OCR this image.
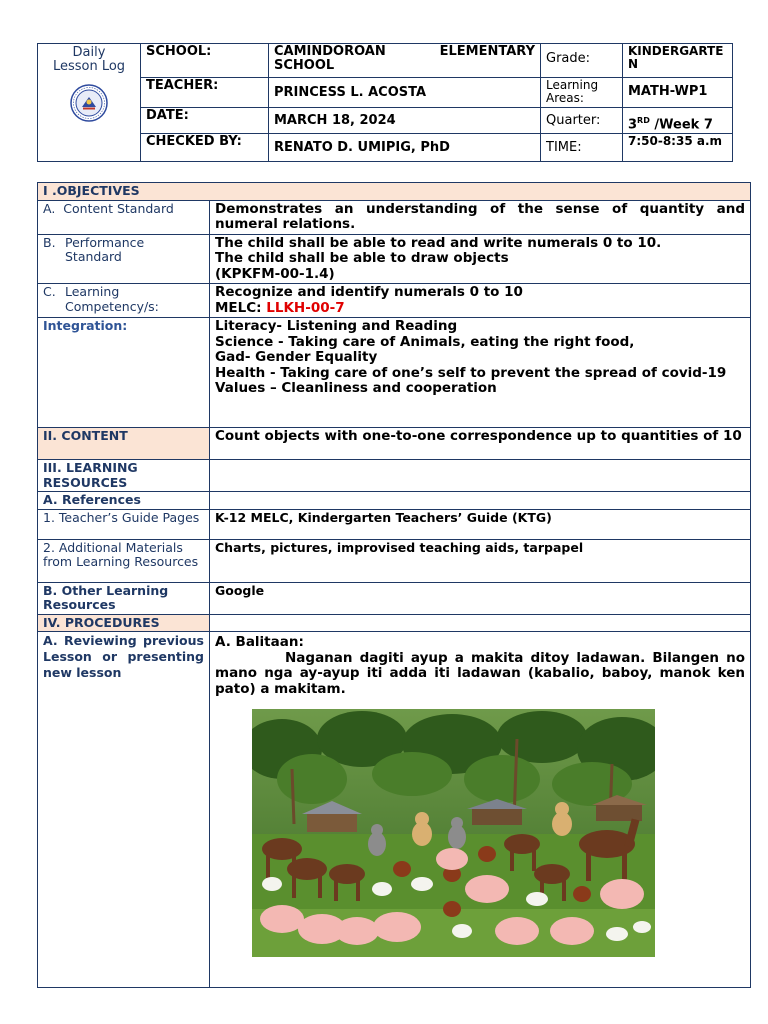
Daily
Lesson Log	SCHOOL:	CAMINDOROAN ELEMENTARY SCHOOL	Grade:	KINDERGARTEN
	TEACHER:	PRINCESS L. ACOSTA	Learning Areas:	MATH-WP1
	DATE:	MARCH 18, 2024	Quarter:	3RD /Week 7
	CHECKED BY:	RENATO D. UMIPIG, PhD	TIME:	7:50-8:35 a.m
I .OBJECTIVES	
A. Content Standard	Demonstrates an understanding of the sense of quantity and numeral relations.
B. Performance Standard	The child shall be able to read and write numerals 0 to 10.
The child shall be able to draw objects
(KPKFM-00-1.4)
C. Learning Competency/s:	Recognize and identify numerals 0 to 10
MELC: LLKH-00-7
Integration:	Literacy- Listening and Reading
Science - Taking care of Animals, eating the right food,
Gad- Gender Equality
Health - Taking care of one’s self to prevent the spread of covid-19
Values – Cleanliness and cooperation
II. CONTENT	Count objects with one-to-one correspondence up to quantities of 10
III. LEARNING RESOURCES	
A. References	
1. Teacher’s Guide Pages	K-12 MELC, Kindergarten Teachers’ Guide (KTG)
2. Additional Materials from Learning Resources	Charts, pictures, improvised teaching aids, tarpapel
B. Other Learning Resources	Google
IV. PROCEDURES	
A. Reviewing previous Lesson or presenting new lesson	A. Balitaan:
Naganan dagiti ayup a makita ditoy ladawan. Bilangen no mano nga ay-ayup iti adda iti ladawan (kabalio, baboy, manok ken pato) a makitam.
